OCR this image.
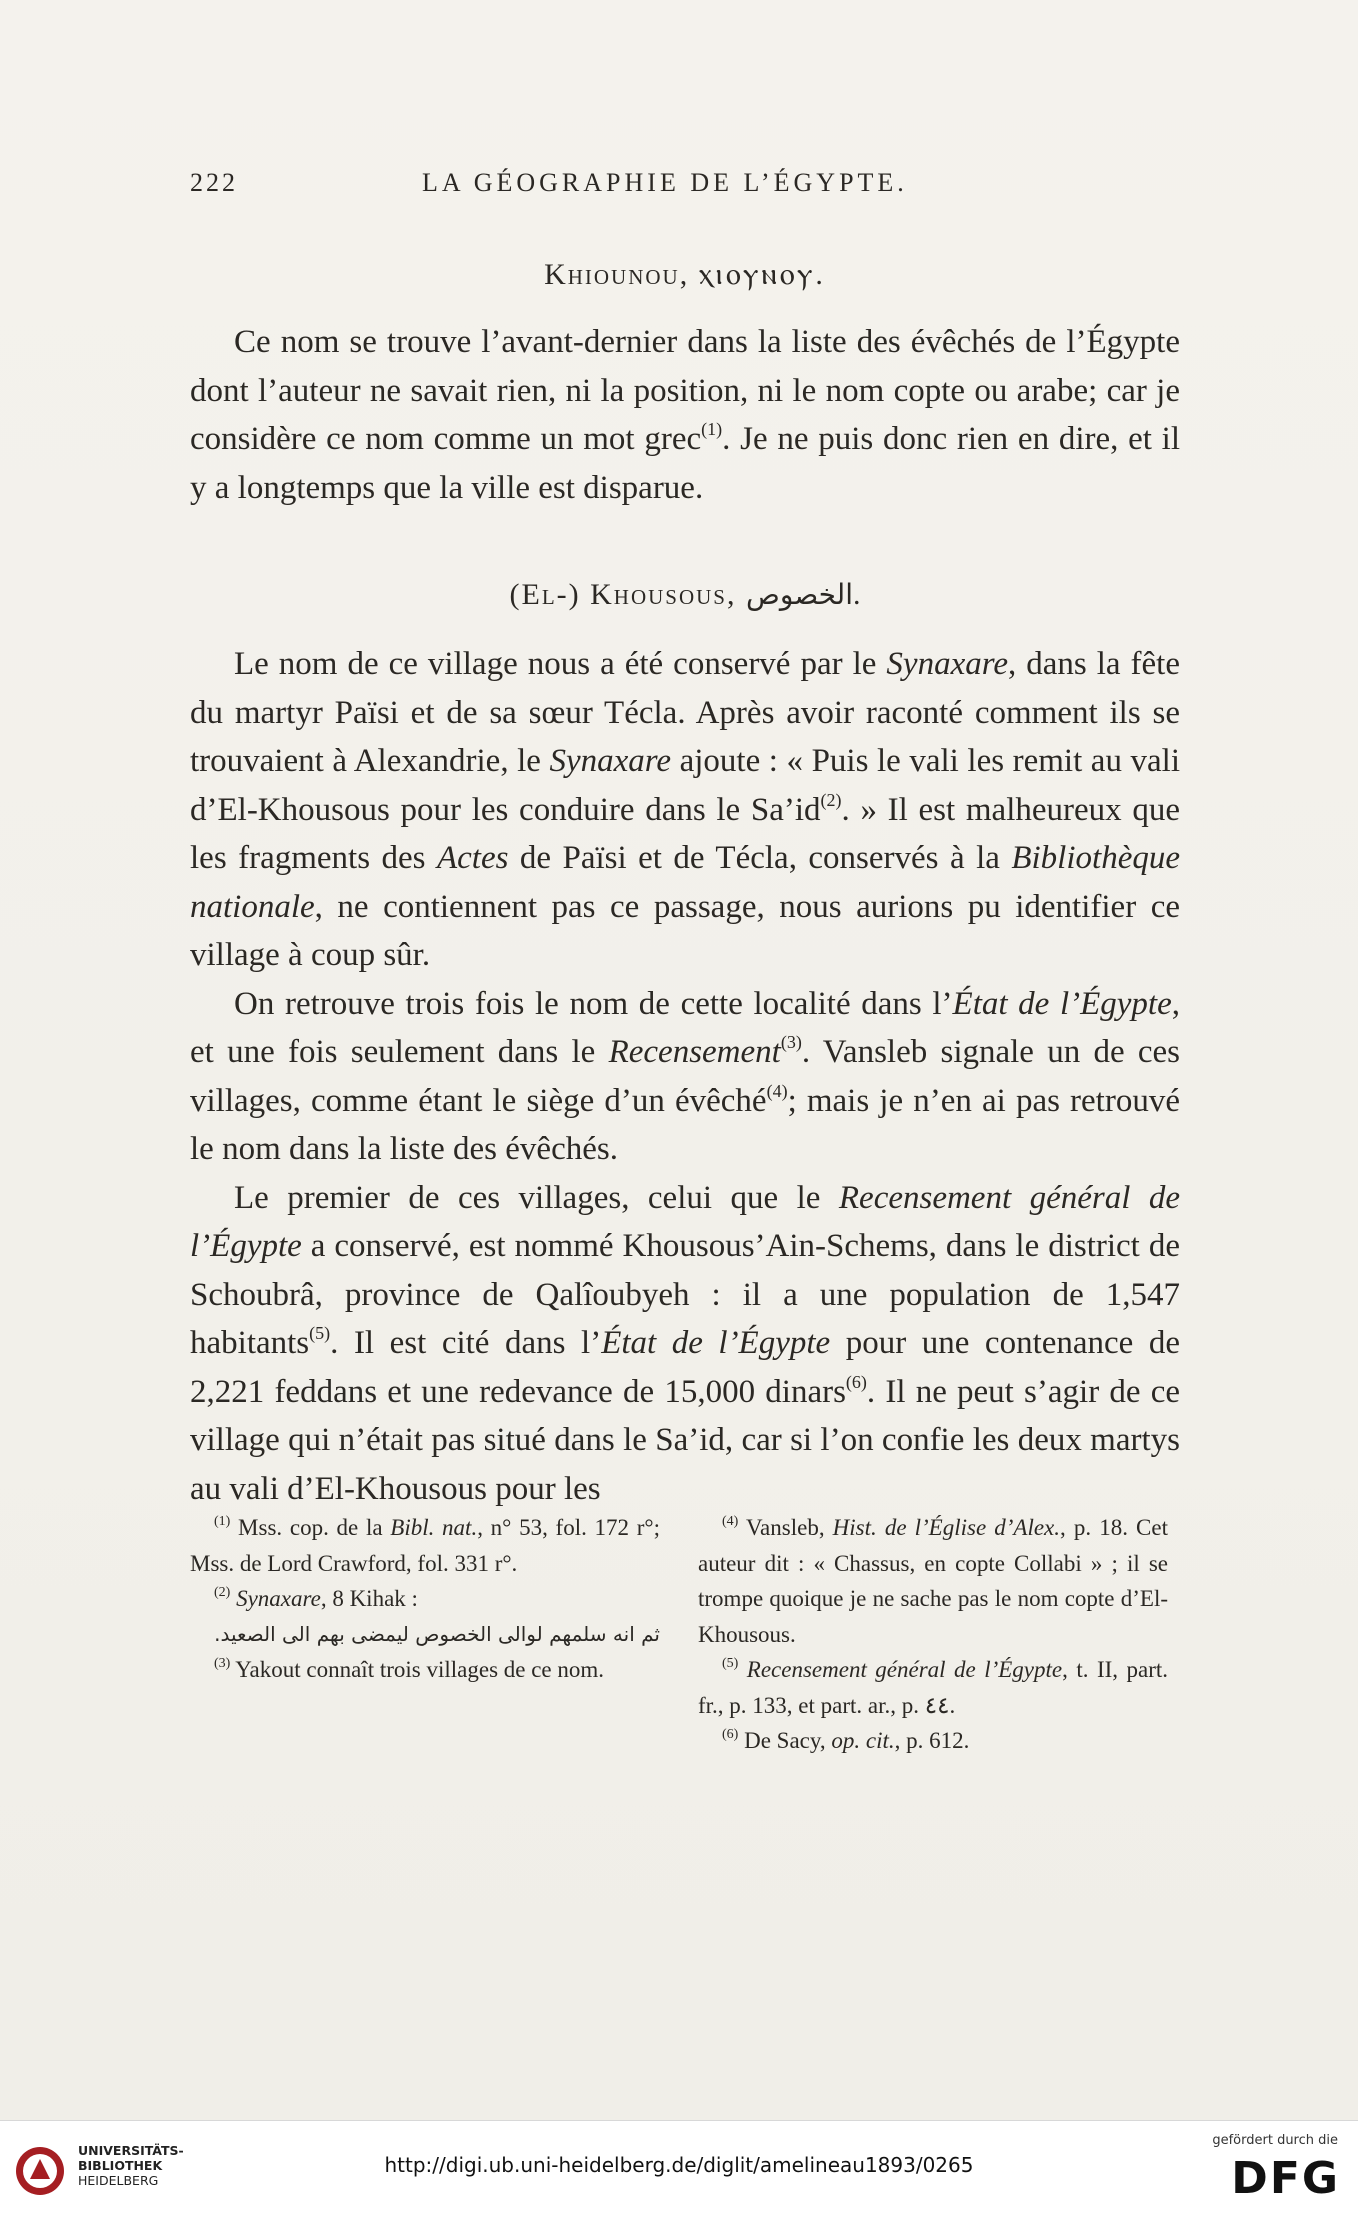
222	LA GÉOGRAPHIE DE L’ÉGYPTE.
Khiounou, ⲭⲓⲟⲩⲛⲟⲩ.

Ce nom se trouve l’avant-dernier dans la liste des évêchés de l’Égypte dont l’auteur ne savait rien, ni la position, ni le nom copte ou arabe; car je considère ce nom comme un mot grec$^{(1)}$. Je ne puis donc rien en dire, et il y a longtemps que la ville est disparue.

(El-) Khousous, الخصوص.

Le nom de ce village nous a été conservé par le Synaxare, dans la fête du martyr Païsi et de sa sœur Técla. Après avoir raconté comment ils se trouvaient à Alexandrie, le Synaxare ajoute : « Puis le vali les remit au vali d’El-Khousous pour les conduire dans le $Sa’id^{(2)}$. » Il est malheureux que les fragments des Actes de Païsi et de Técla, conservés à la Bibliothèque nationale, ne contiennent pas ce passage, nous aurions pu identifier ce village à coup sûr.

On retrouve trois fois le nom de cette localité dans l’État de l’Égypte, et une fois seulement dans le Recensement$^{(3)}$. Vansleb signale un de ces villages, comme étant le siège d’un évêché$^{(4)}$; mais je n’en ai pas retrouvé le nom dans la liste des évêchés.

Le premier de ces villages, celui que le Recensement général de l’Égypte a conservé, est nommé Khousous’Ain-Schems, dans le district de Schoubrâ, province de Qalîoubyeh : il a une population de 1,547 habitants$^{(5)}$. Il est cité dans l’État de l’Égypte pour une contenance de 2,221 feddans et une redevance de 15,000 dinars$^{(6)}$. Il ne peut s’agir de ce village qui n’était pas situé dans le Sa’id, car si l’on confie les deux martys au vali d’El-Khousous pour les

$^{(1)}$ Mss. cop. de la Bibl. nat., n° 53, fol. 172 r°; Mss. de Lord Crawford, fol. 331 r°.

$^{(2)}$ Synaxare, 8 Kihak :
ثم انه سلمهم لوالى الخصوص ليمضى بهم الى الصعيد.

$^{(3)}$ Yakout connaît trois villages de ce nom.

$^{(4)}$ Vansleb, Hist. de l’Église d’Alex., p. 18. Cet auteur dit : « Chassus, en copte Collabi » ; il se trompe quoique je ne sache pas le nom copte d’El-Khousous.

$^{(5)}$ Recensement général de l’Égypte, t. II, part. fr., p. 133, et part. ar., p. ٤٤.

$^{(6)}$ De Sacy, op. cit., p. 612.

UNIVERSITÄTS-
BIBLIOTHEK
HEIDELBERG
http://digi.ub.uni-heidelberg.de/diglit/amelineau1893/0265
gefördert durch die
DFG
